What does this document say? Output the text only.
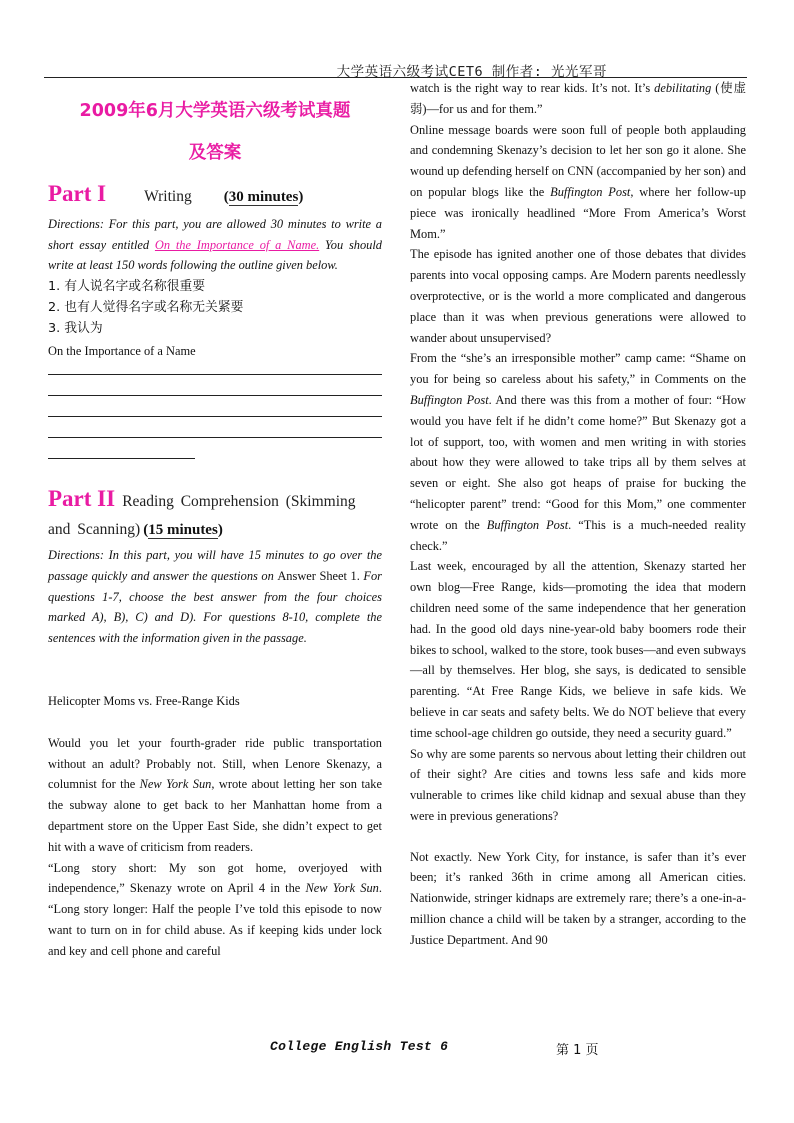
大学英语六级考试CET6 制作者: 光光军哥
2009年6月大学英语六级考试真题
及答案
Part I Writing (30 minutes)

Directions: For this part, you are allowed 30 minutes to write a short essay entitled On the Importance of a Name. You should write at least 150 words following the outline given below.

1. 有人说名字或名称很重要
2. 也有人觉得名字或名称无关紧要
3. 我认为
On the Importance of a Name
Part II Reading Comprehension (Skimming and Scanning) (15 minutes)

Directions: In this part, you will have 15 minutes to go over the passage quickly and answer the questions on Answer Sheet 1. For questions 1-7, choose the best answer from the four choices marked A), B), C) and D). For questions 8-10, complete the sentences with the information given in the passage.

Helicopter Moms vs. Free-Range Kids

Would you let your fourth-grader ride public transportation without an adult? Probably not. Still, when Lenore Skenazy, a columnist for the New York Sun, wrote about letting her son take the subway alone to get back to her Manhattan home from a department store on the Upper East Side, she didn’t expect to get hit with a wave of criticism from readers.

“Long story short: My son got home, overjoyed with independence,” Skenazy wrote on April 4 in the New York Sun. “Long story longer: Half the people I’ve told this episode to now want to turn on in for child abuse. As if keeping kids under lock and key and cell phone and careful

watch is the right way to rear kids. It’s not. It’s debilitating (使虚弱)—for us and for them.”

Online message boards were soon full of people both applauding and condemning Skenazy’s decision to let her son go it alone. She wound up defending herself on CNN (accompanied by her son) and on popular blogs like the Buffington Post, where her follow-up piece was ironically headlined “More From America’s Worst Mom.”

The episode has ignited another one of those debates that divides parents into vocal opposing camps. Are Modern parents needlessly overprotective, or is the world a more complicated and dangerous place than it was when previous generations were allowed to wander about unsupervised?

From the “she’s an irresponsible mother” camp came: “Shame on you for being so careless about his safety,” in Comments on the Buffington Post. And there was this from a mother of four: “How would you have felt if he didn’t come home?” But Skenazy got a lot of support, too, with women and men writing in with stories about how they were allowed to take trips all by them selves at seven or eight. She also got heaps of praise for bucking the “helicopter parent” trend: “Good for this Mom,” one commenter wrote on the Buffington Post. “This is a much-needed reality check.”

Last week, encouraged by all the attention, Skenazy started her own blog—Free Range, kids—promoting the idea that modern children need some of the same independence that her generation had. In the good old days nine-year-old baby boomers rode their bikes to school, walked to the store, took buses—and even subways—all by themselves. Her blog, she says, is dedicated to sensible parenting. “At Free Range Kids, we believe in safe kids. We believe in car seats and safety belts. We do NOT believe that every time school-age children go outside, they need a security guard.”

So why are some parents so nervous about letting their children out of their sight? Are cities and towns less safe and kids more vulnerable to crimes like child kidnap and sexual abuse than they were in previous generations?

Not exactly. New York City, for instance, is safer than it’s ever been; it’s ranked 36th in crime among all American cities. Nationwide, stringer kidnaps are extremely rare; there’s a one-in-a-million chance a child will be taken by a stranger, according to the Justice Department. And 90

College English Test 6	第 1 页
